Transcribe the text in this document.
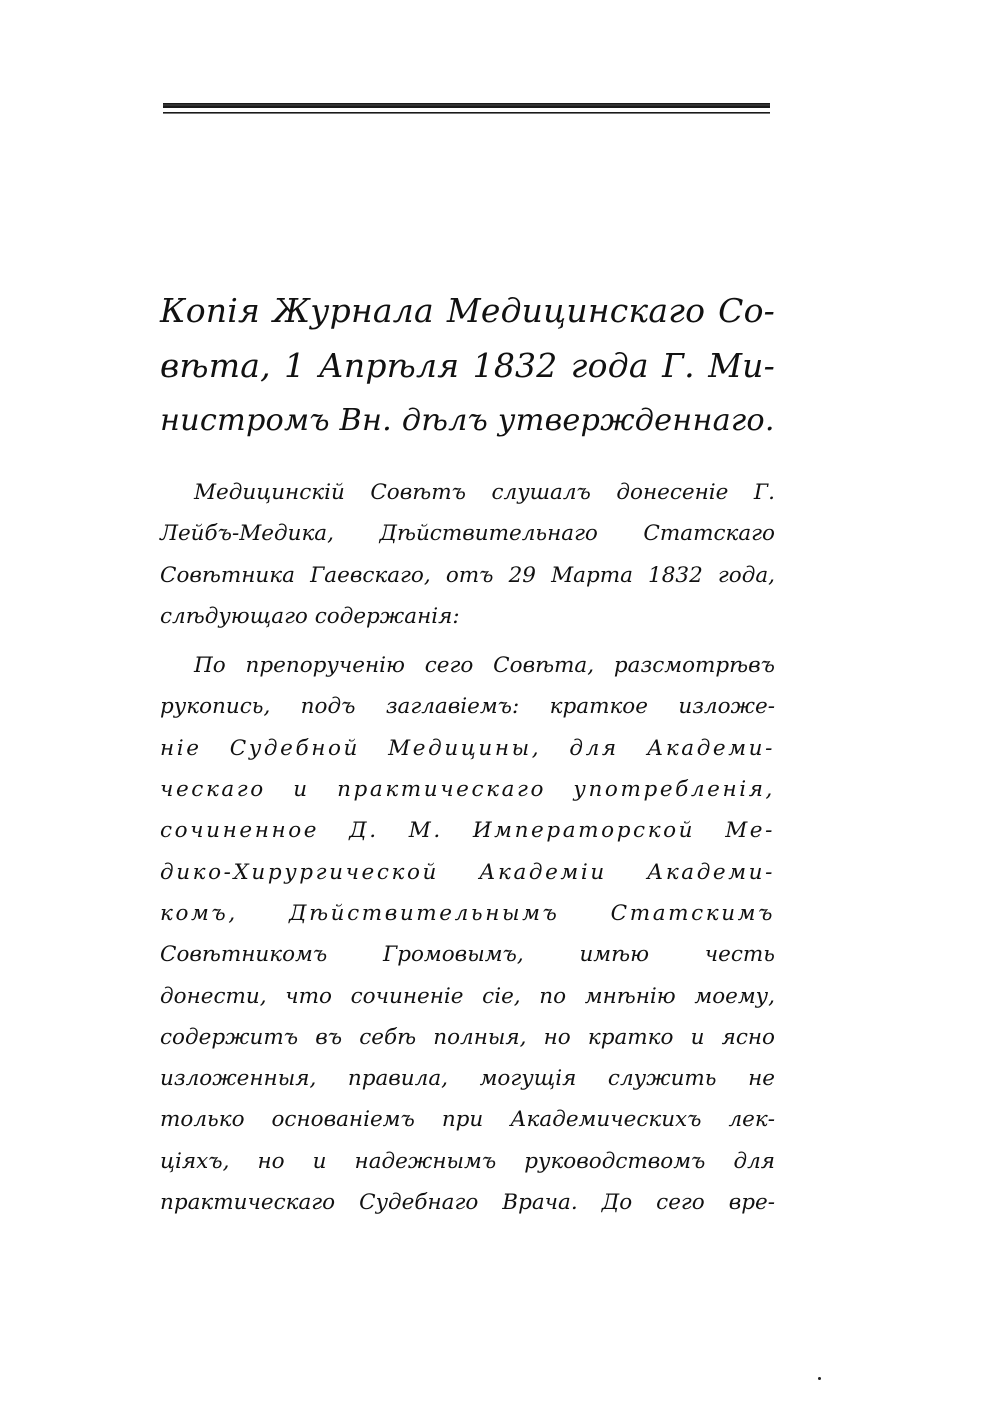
Копія Журнала Медицинскаго Со-
вѣта, 1 Апрѣля 1832 года Г. Ми-
нистромъ Вн. дѣлъ утвержденнаго.

Медицинскій Совѣтъ слушалъ донесеніе Г.
Лейбъ-Медика, Дѣйствительнаго Статскаго
Совѣтника Гаевскаго, отъ 29 Марта 1832 года,
слѣдующаго содержанія:

По препорученію сего Совѣта, разсмотрѣвъ
рукопись, подъ заглавіемъ: краткое изложе-
ніе Судебной Медицины, для Академи-
ческаго и практическаго употребленія,
сочиненное Д. М. Императорской Ме-
дико-Хирургической Академіи Академи-
комъ, Дѣйствительнымъ Статскимъ
Совѣтникомъ Громовымъ, имѣю честь
донести, что сочиненіе сіе, по мнѣнію моему,
содержитъ въ себѣ полныя, но кратко и ясно
изложенныя, правила, могущія служить не
только основаніемъ при Академическихъ лек-
ціяхъ, но и надежнымъ руководствомъ для
практическаго Судебнаго Врача. До сего вре-
